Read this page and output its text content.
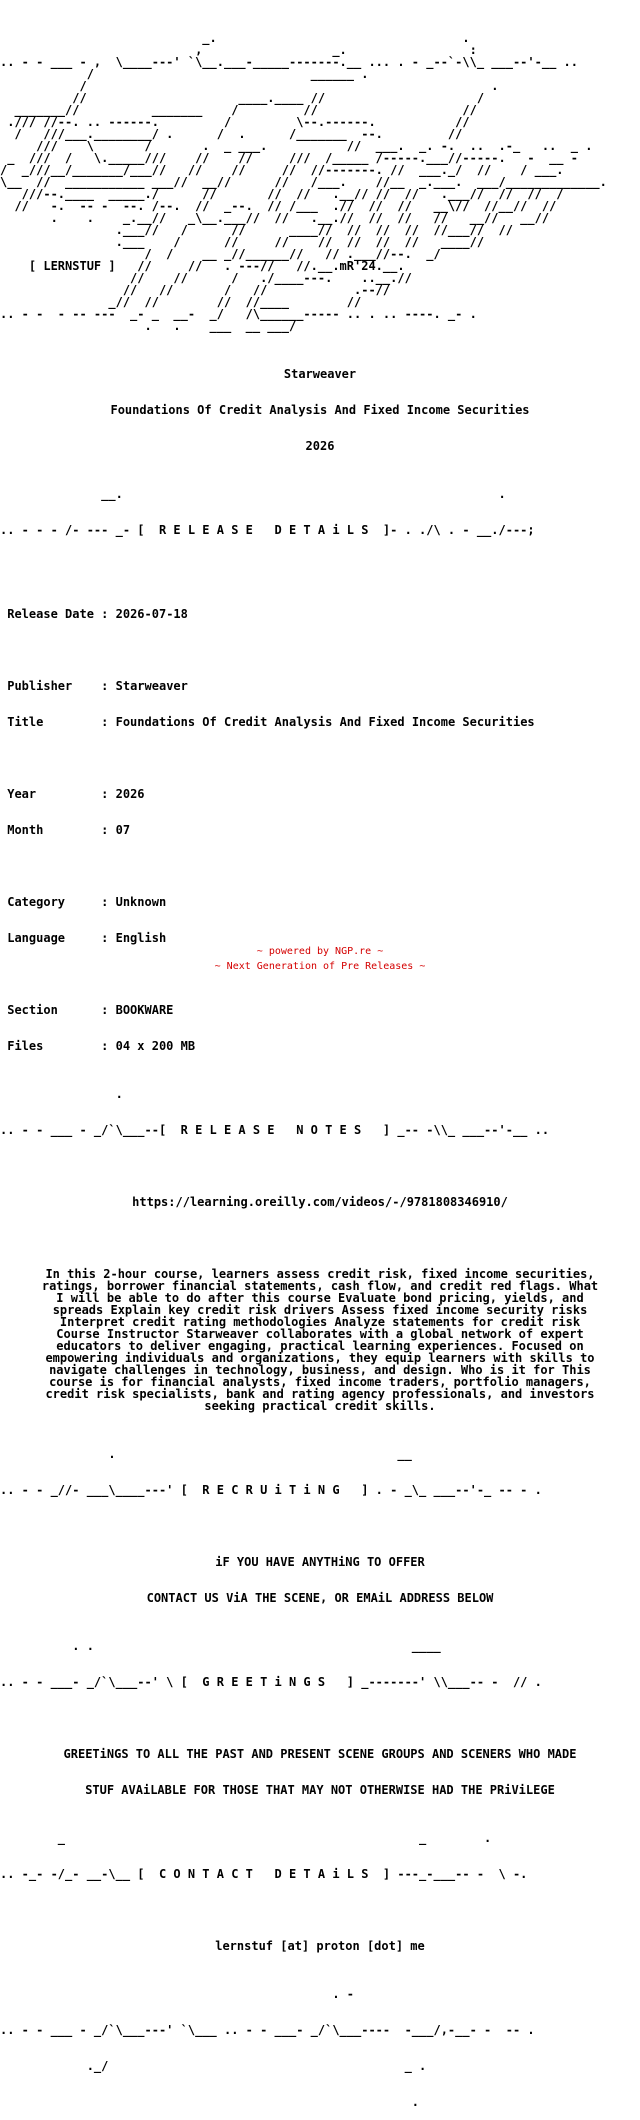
_.                                  .
,                  _.                 :
.. - - ___ - ,  \____---' `\__.___-_____-------.__ ... . - _--`-\\_ ___--'-__ ..
/                              ______ .
/                                                        .
//                     ____.____ //                     /
_______//          _______    /         //                    //
./// //--. .. ------.         /         \--.------.           //
/   ///___.________/ .      /  .      /_______  --.         //
///    \       /       .  _ ___.           //  ___.  _. -.  ..  .-_   ..  _ .
_  ///  /   \._____///    //    //     ///  /_____ /-----.___//-----.   -  __ -
/  _///__/_______/___//   //    //     //  //-------. //  ___._/  //    / ___.
\__  //  ___________ ___//  __//      //   /___.    //__  _.___.  ___/_____________.
///--.____  _____./      //       //  //   .__// //  //   .___//  //  //  /
//   -.  -- -  --. /--.  //  _--.  // /___  .//  //  //   __\//  //__//  //
.    .    _.__//   _\__.___//  //   .__.//  //  //   //   __//   __//
.___//   /      //      ____//  //  //  //  //___//  //
.___    /      //     //    //  //  //  //   ____//
/  /    __ _//______//   // .___//--.  _/
[ LERNSTUF ]   //     //   . ---//   //.__.mR'24.__.
//    //      /   ./____---.    ..__.//
//   //       /   //            .--//
_//  //        //  //____        //
.. - -  - -- ---  _- _  __-  _/   /\______----- .. . .. ----. _- .
.   .    ___  __ ___/

Starweaver

Foundations Of Credit Analysis And Fixed Income Securities

2026

__.                                                    .

.. - - - /- --- _- [  R E L E A S E   D E T A i L S  ]- . ./\ . - __./---;

Release Date : 2026-07-18

Publisher    : Starweaver

Title        : Foundations Of Credit Analysis And Fixed Income Securities

Year         : 2026

Month        : 07

Category     : Unknown

Language     : English

Section      : BOOKWARE

Files        : 04 x 200 MB

.

.. - - ___ - _/`\___--[  R E L E A S E   N O T E S   ] _-- -\\_ ___--'-__ ..

https://learning.oreilly.com/videos/-/9781808346910/

In this 2-hour course, learners assess credit risk, fixed income securities,
ratings, borrower financial statements, cash flow, and credit red flags. What
I will be able to do after this course Evaluate bond pricing, yields, and
spreads Explain key credit risk drivers Assess fixed income security risks
Interpret credit rating methodologies Analyze statements for credit risk
Course Instructor Starweaver collaborates with a global network of expert
educators to deliver engaging, practical learning experiences. Focused on
empowering individuals and organizations, they equip learners with skills to
navigate challenges in technology, business, and design. Who is it for This
course is for financial analysts, fixed income traders, portfolio managers,
credit risk specialists, bank and rating agency professionals, and investors
seeking practical credit skills.

.                                       __

.. - - _//- ___\____---' [  R E C R U i T i N G   ] . - _\_ ___--'-_ -- - .

iF YOU HAVE ANYTHiNG TO OFFER

CONTACT US ViA THE SCENE, OR EMAiL ADDRESS BELOW

. .                                            ____

.. - - ___- _/`\___--' \ [  G R E E T i N G S   ] _-------' \\___-- -  // .

GREETiNGS TO ALL THE PAST AND PRESENT SCENE GROUPS AND SCENERS WHO MADE

STUF AVAiLABLE FOR THOSE THAT MAY NOT OTHERWISE HAD THE PRiViLEGE

_                                                 _        .

.. -_- -/_- __-\__ [  C O N T A C T   D E T A i L S  ] ---_-___-- -  \ -.

lernstuf [at] proton [dot] me

. -

.. - - ___ - _/`\___---' `\___ .. - - ___- _/`\___----  -___/,-__- -  -- .

._/                                         _ .

.

~ powered by NGP.re ~
~ Next Generation of Pre Releases ~
